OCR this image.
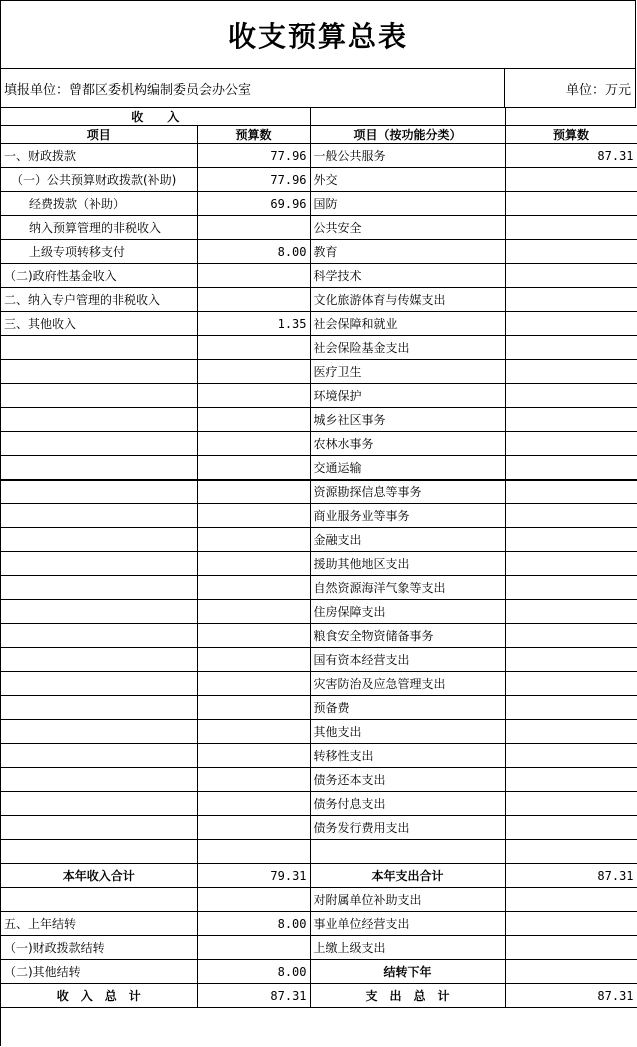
收支预算总表
填报单位：曾都区委机构编制委员会办公室	单位：万元
收　　入			
项目	预算数	项目（按功能分类）	预算数
一、财政拨款	77.96	一般公共服务	87.31
（一）公共预算财政拨款(补助)	77.96	外交	
经费拨款（补助）	69.96	国防	
纳入预算管理的非税收入		公共安全	
上级专项转移支付	8.00	教育	
（二)政府性基金收入		科学技术	
二、纳入专户管理的非税收入		文化旅游体育与传媒支出	
三、其他收入	1.35	社会保障和就业	
		社会保险基金支出	
		医疗卫生	
		环境保护	
		城乡社区事务	
		农林水事务	
		交通运输	
		资源勘探信息等事务	
		商业服务业等事务	
		金融支出	
		援助其他地区支出	
		自然资源海洋气象等支出	
		住房保障支出	
		粮食安全物资储备事务	
		国有资本经营支出	
		灾害防治及应急管理支出	
		预备费	
		其他支出	
		转移性支出	
		债务还本支出	
		债务付息支出	
		债务发行费用支出	

本年收入合计	79.31	本年支出合计	87.31
		对附属单位补助支出	
五、上年结转	8.00	事业单位经营支出	
（一)财政拨款结转		上缴上级支出	
（二)其他结转	8.00	结转下年	
收　入　总　计	87.31	支　出　总　计	87.31
